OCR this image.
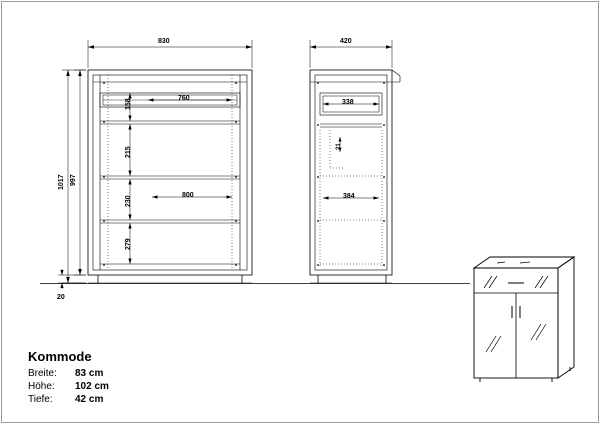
830	420
1017 997
20
158	760
215
230	800
279
338
21
384
Kommode
Breite: 83 cm
Höhe: 102 cm
Tiefe: 42 cm
